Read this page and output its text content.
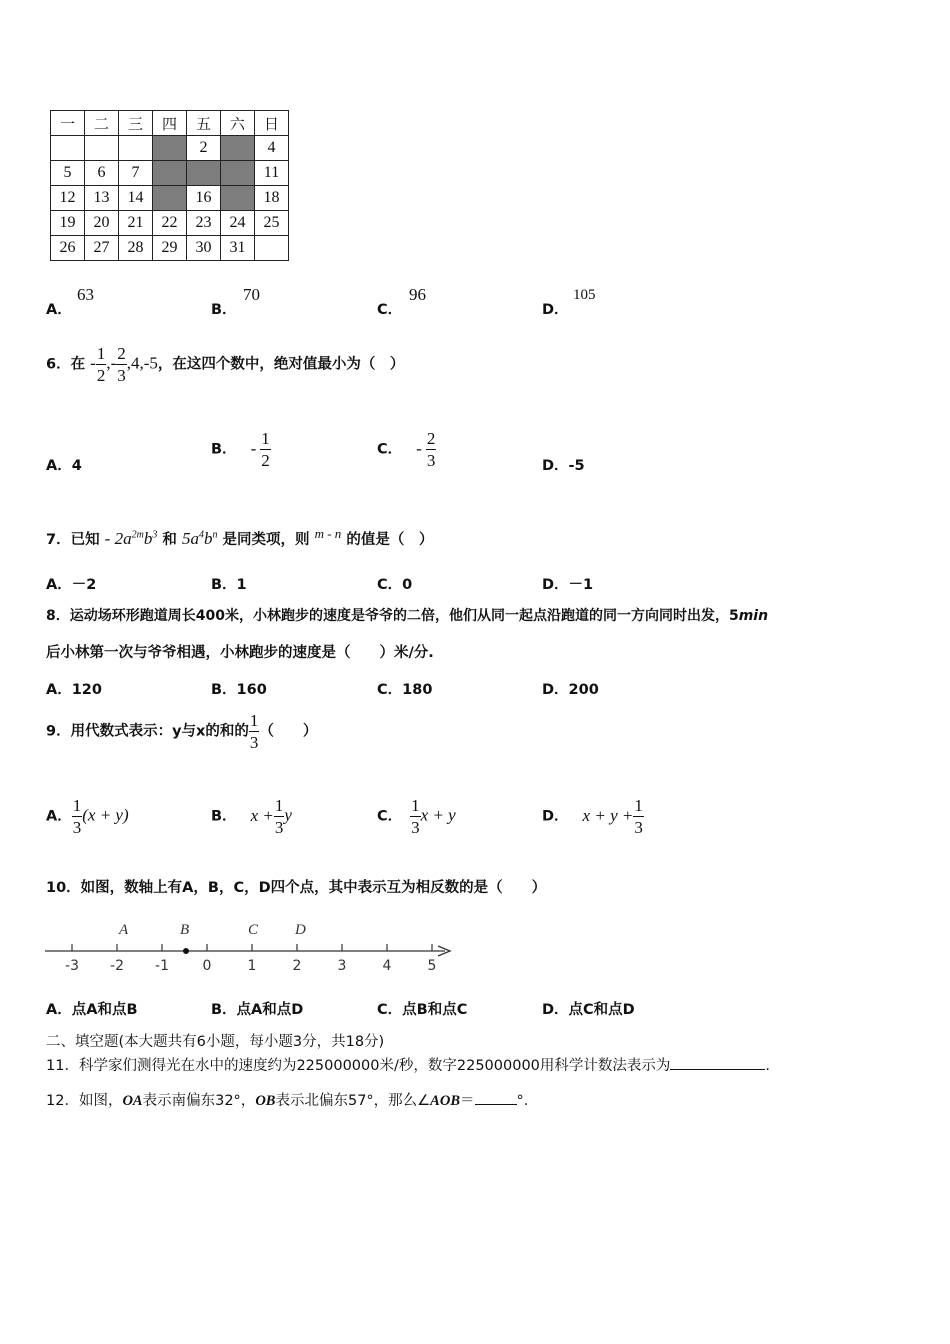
一	二	三	四	五	六	日
				2		4
5	6	7				11
12	13	14		16		18
19	20	21	22	23	24	25
26	27	28	29	30	31	
A．
63
B．
70
C．
96
D．
105
6．在 - $\frac{1}{2}$ ,- $\frac{2}{3} ,4,-5$，在这四个数中，绝对值最小为（　）
A．4
B． - $\frac{1}{2}$	C． - $\frac{2}{3}$	D．-5
7．已知 - $2a^{2m}b^3$ 和 $5a^4b^n$ 是同类项，则 $^{m - n}$ 的值是（　）
A．－2	B．1	C．0	D．－1
8．运动场环形跑道周长400米，小林跑步的速度是爷爷的二倍，他们从同一起点沿跑道的同一方向同时出发，5min
后小林第一次与爷爷相遇，小林跑步的速度是（　　）米/分.
A．120	B．160	C．180	D．200
9．用代数式表示：y与x的和的 $\frac{1}{3}$ （　　）
A． $\frac{1}{3} (x + y)$	B． $x + \frac{1}{3}$ y	C． $\frac{1}{3}$ x + y	D． $x + y + \frac{1}{3}$
10．如图，数轴上有A，B，C，D四个点，其中表示互为相反数的是（　　）
-3 -2 -1 0	1	2	3	4	5
A	B	C D
A．点A和点B	B．点A和点D	C．点B和点C	D．点C和点D
二、填空题(本大题共有6小题，每小题3分，共18分)
11．科学家们测得光在水中的速度约为225000000米/秒，数字225000000用科学计数法表示为	.
12．如图，OA表示南偏东32°，OB表示北偏东57°，那么∠AOB＝	°．
